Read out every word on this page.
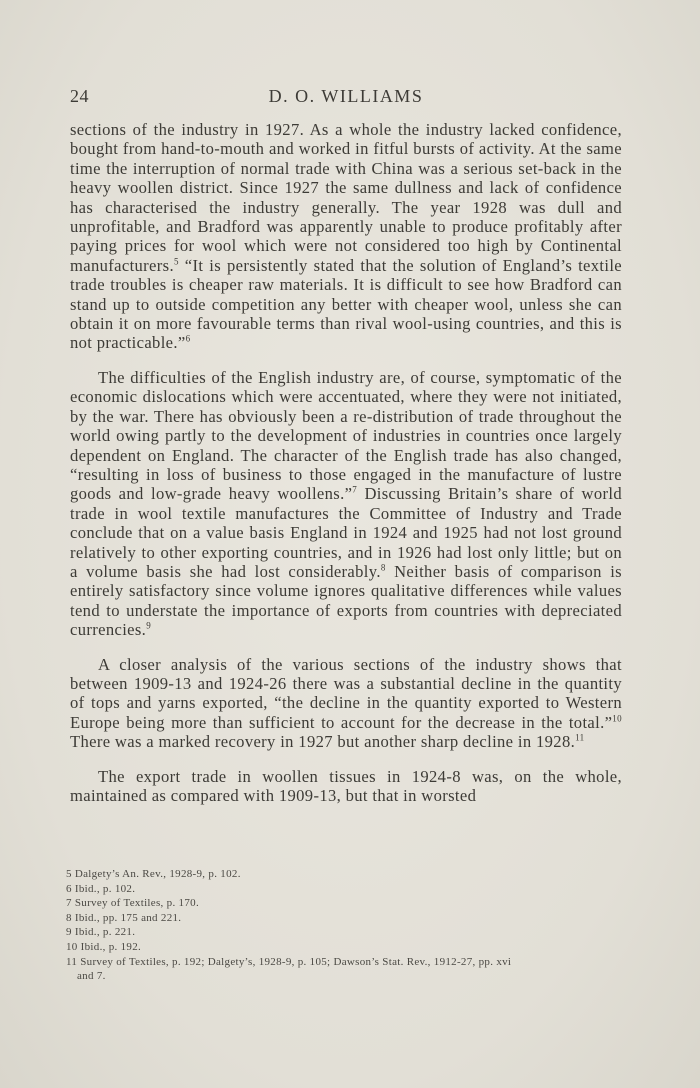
24	D. O. WILLIAMS

sections of the industry in 1927. As a whole the industry lacked confidence, bought from hand-to-mouth and worked in fitful bursts of activity. At the same time the interruption of normal trade with China was a serious set-back in the heavy woollen district. Since 1927 the same dullness and lack of confidence has characterised the industry generally. The year 1928 was dull and unprofitable, and Bradford was apparently unable to produce profitably after paying prices for wool which were not considered too high by Continental manufacturers.$^5$ “It is persistently stated that the solution of England’s textile trade troubles is cheaper raw materials. It is difficult to see how Bradford can stand up to outside competition any better with cheaper wool, unless she can obtain it on more favourable terms than rival wool-using countries, and this is not practicable.”$^6$

The difficulties of the English industry are, of course, symptomatic of the economic dislocations which were accentuated, where they were not initiated, by the war. There has obviously been a re-distribution of trade throughout the world owing partly to the development of industries in countries once largely dependent on England. The character of the English trade has also changed, “resulting in loss of business to those engaged in the manufacture of lustre goods and low-grade heavy woollens.”$^7$ Discussing Britain’s share of world trade in wool textile manufactures the Committee of Industry and Trade conclude that on a value basis England in 1924 and 1925 had not lost ground relatively to other exporting countries, and in 1926 had lost only little; but on a volume basis she had lost considerably.$^8$ Neither basis of comparison is entirely satisfactory since volume ignores qualitative differences while values tend to understate the importance of exports from countries with depreciated currencies.$^9$

A closer analysis of the various sections of the industry shows that between 1909-13 and 1924-26 there was a substantial decline in the quantity of tops and yarns exported, “the decline in the quantity exported to Western Europe being more than sufficient to account for the decrease in the total.”$^{10}$ There was a marked recovery in 1927 but another sharp decline in 1928.11

The export trade in woollen tissues in 1924-8 was, on the whole, maintained as compared with 1909-13, but that in worsted

5 Dalgety’s An. Rev., 1928-9, p. 102.
6 Ibid., p. 102.
7 Survey of Textiles, p. 170.
8 Ibid., pp. 175 and 221.
9 Ibid., p. 221.
10 Ibid., p. 192.
11 Survey of Textiles, p. 192; Dalgety’s, 1928-9, p. 105; Dawson’s Stat. Rev., 1912-27, pp. xvi
and 7.
